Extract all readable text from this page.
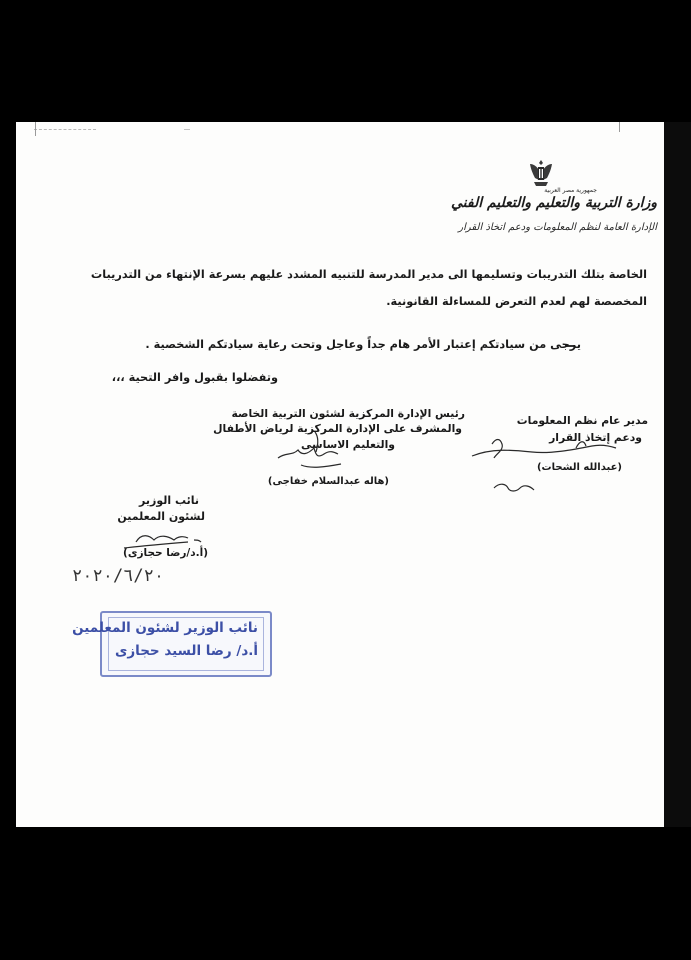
جمهورية مصر العربية
وزارة التربية والتعليم والتعليم الفني
الإدارة العامة لنظم المعلومات ودعم اتخاذ القرار
الخاصة بتلك التدريبات وتسليمها الى مدير المدرسة للتنبيه المشدد عليهم بسرعة الإنتهاء من التدريبات
المخصصة لهم لعدم التعرض للمساءلة القانونية.
يرجى من سيادتكم إعتبار الأمر هام جداً وعاجل وتحت رعاية سيادتكم الشخصية .
وتفضلوا بقبول وافر التحية ،،،
رئيس الإدارة المركزية لشئون التربية الخاصة
والمشرف على الإدارة المركزية لرياض الأطفال
والتعليم الاساسى
(هاله عبدالسلام خفاجى)
مدير عام نظم المعلومات
ودعم إتخاذ القرار
(عبدالله الشحات)
نائب الوزير
لشئون المعلمين
(أ.د/رضا حجازى)
٢٠٢٠/٦/٢٠
نائب الوزير لشئون المعلمين
أ.د/ رضا السيد حجازى
